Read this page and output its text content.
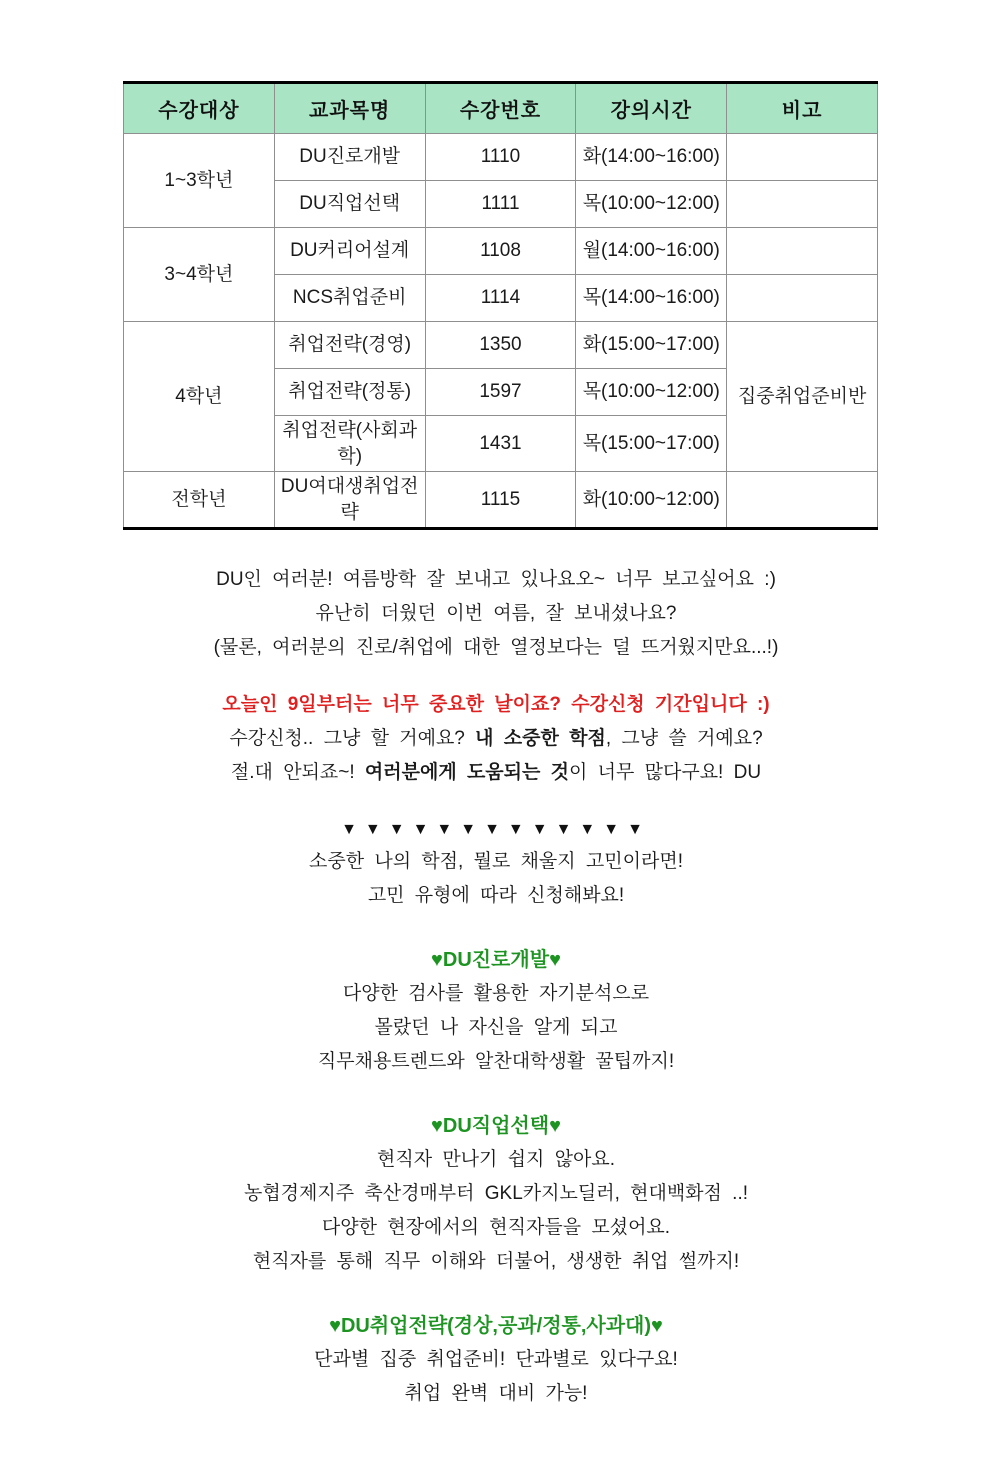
수강대상	교과목명	수강번호	강의시간	비고
1~3학년	DU진로개발	1110	화(14:00~16:00)	
	DU직업선택	1111	목(10:00~12:00)	
3~4학년	DU커리어설계	1108	월(14:00~16:00)	
	NCS취업준비	1114	목(14:00~16:00)	
4학년	취업전략(경영)	1350	화(15:00~17:00)	집중취업준비반
	취업전략(정통)	1597	목(10:00~12:00)	
	취업전략(사회과학)	1431	목(15:00~17:00)	
전학년	DU여대생취업전략	1115	화(10:00~12:00)	
DU인 여러분! 여름방학 잘 보내고 있나요오~ 너무 보고싶어요 :)
유난히 더웠던 이번 여름, 잘 보내셨나요?
(물론, 여러분의 진로/취업에 대한 열정보다는 덜 뜨거웠지만요...!)
오늘인 9일부터는 너무 중요한 날이죠? 수강신청 기간입니다 :)
수강신청.. 그냥 할 거예요? 내 소중한 학점, 그냥 쓸 거예요?
절.대 안되죠~! 여러분에게 도움되는 것이 너무 많다구요! DU
▼▼▼▼▼▼▼▼▼▼▼▼▼
소중한 나의 학점, 뭘로 채울지 고민이라면!
고민 유형에 따라 신청해봐요!
♥DU진로개발♥
다양한 검사를 활용한 자기분석으로
몰랐던 나 자신을 알게 되고
직무채용트렌드와 알찬대학생활 꿀팁까지!
♥DU직업선택♥
현직자 만나기 쉽지 않아요.
농협경제지주 축산경매부터 GKL카지노딜러, 현대백화점 ..!
다양한 현장에서의 현직자들을 모셨어요.
현직자를 통해 직무 이해와 더불어, 생생한 취업 썰까지!
♥DU취업전략(경상,공과/정통,사과대)♥
단과별 집중 취업준비! 단과별로 있다구요!
취업 완벽 대비 가능!
